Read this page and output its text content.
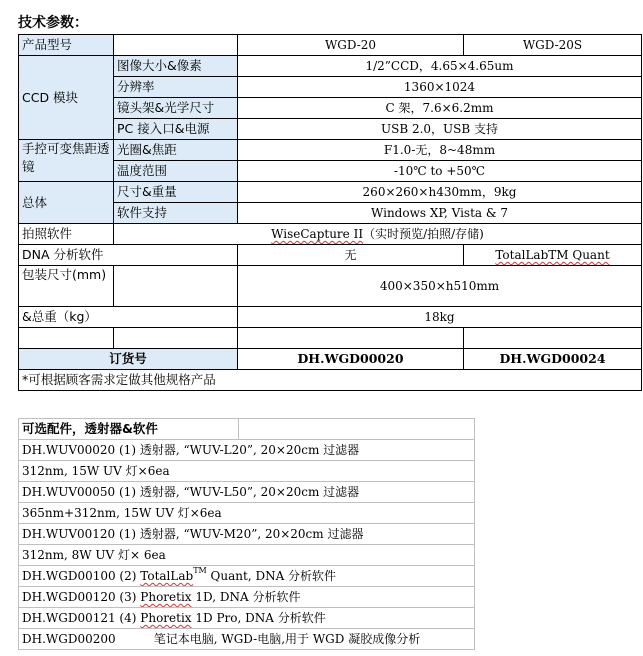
技术参数：
产品型号		WGD-20	WGD-20S
CCD 模块	图像大小&像素	1/2”CCD，4.65×4.65um	
	分辨率	1360×1024	
	镜头架&光学尺寸	C 架，7.6×6.2mm	
	PC 接入口&电源	USB 2.0，USB 支持	
手控可变焦距透镜	光圈&焦距	F1.0-无，8~48mm	
	温度范围	-10℃ to +50℃	
总体	尺寸&重量	260×260×h430mm，9kg	
	软件支持	Windows XP, Vista & 7	
拍照软件	WiseCapture II（实时预览/拍照/存储)		
DNA 分析软件		无	TotalLabTM Quant
包装尺寸(mm)		400×350×h510mm	
&总重（kg）		18kg	

订货号		DH.WGD00020	DH.WGD00024
*可根据顾客需求定做其他规格产品			
可选配件，透射器&软件	
DH.WUV00020 (1) 透射器, “WUV-L20”, 20×20cm 过滤器
312nm, 15W UV 灯×6ea
DH.WUV00050 (1) 透射器, “WUV-L50”, 20×20cm 过滤器
365nm+312nm, 15W UV 灯×6ea
DH.WUV00120 (1) 透射器, “WUV-M20”, 20×20cm 过滤器
312nm, 8W UV 灯× 6ea
DH.WGD00100 (2) TotalLab™ Quant, DNA 分析软件
DH.WGD00120 (3) Phoretix 1D, DNA 分析软件
DH.WGD00121 (4) Phoretix 1D Pro, DNA 分析软件
DH.WGD00200          笔记本电脑, WGD-电脑,用于 WGD 凝胶成像分析
